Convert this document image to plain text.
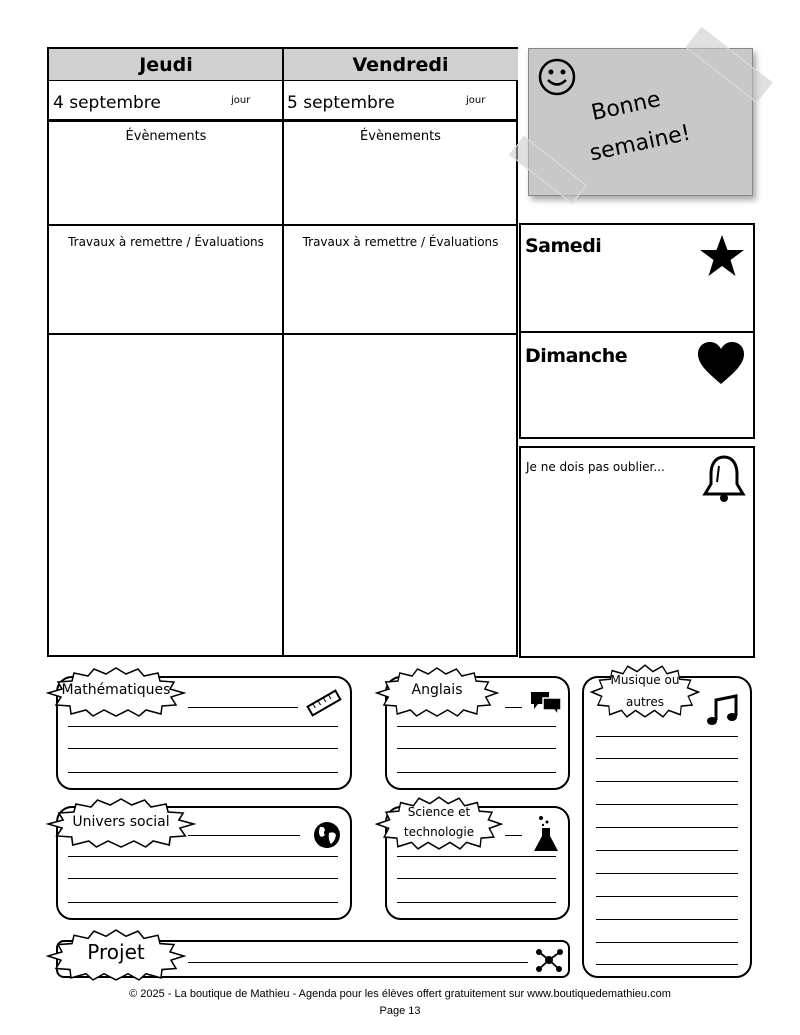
Jeudi	Vendredi
4 septembre	jour	5 septembre	jour
Évènements	Évènements
Travaux à remettre / Évaluations	Travaux à remettre / Évaluations
Bonne
semaine!
Samedi
Dimanche
Je ne dois pas oublier...
Mathématiques	Anglais
Musique ou
autres
Univers social
Science et
technologie
Projet
© 2025 - La boutique de Mathieu - Agenda pour les élèves offert gratuitement sur www.boutiquedemathieu.com
Page 13
